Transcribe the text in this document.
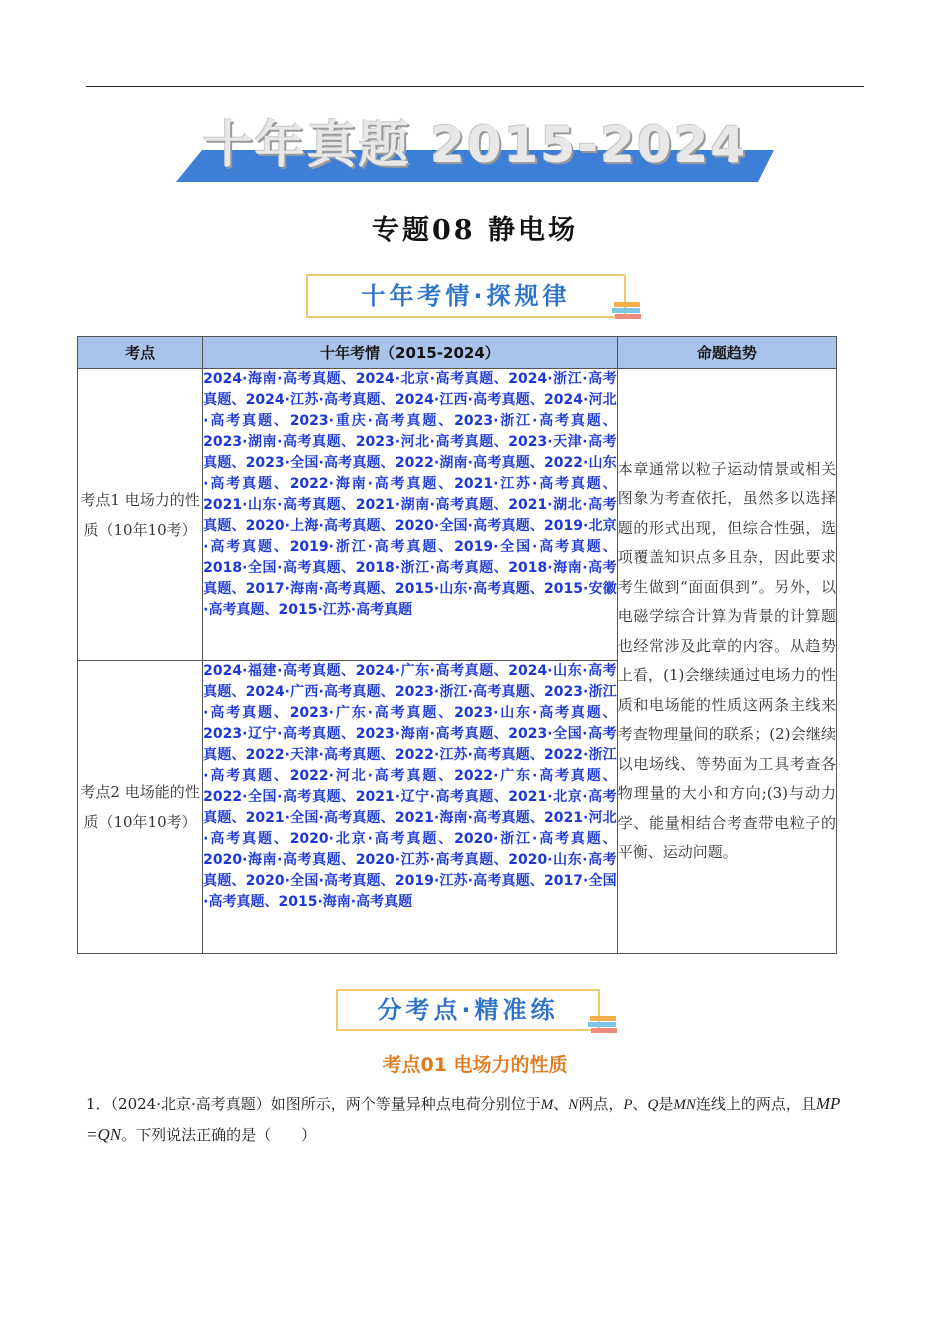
十年真题 2015-2024
专题08 静电场
十年考情·探规律
考点	十年考情（2015-2024）	命题趋势
考点1 电场力的性质（10年10考）	2024·海南·高考真题、2024·北京·高考真题、2024·浙江·高考真题、2024·江苏·高考真题、2024·江西·高考真题、2024·河北·高考真题、2023·重庆·高考真题、2023·浙江·高考真题、2023·湖南·高考真题、2023·河北·高考真题、2023·天津·高考真题、2023·全国·高考真题、2022·湖南·高考真题、2022·山东·高考真题、2022·海南·高考真题、2021·江苏·高考真题、2021·山东·高考真题、2021·湖南·高考真题、2021·湖北·高考真题、2020·上海·高考真题、2020·全国·高考真题、2019·北京·高考真题、2019·浙江·高考真题、2019·全国·高考真题、2018·全国·高考真题、2018·浙江·高考真题、2018·海南·高考真题、2017·海南·高考真题、2015·山东·高考真题、2015·安徽·高考真题、2015·江苏·高考真题	本章通常以粒子运动情景或相关图象为考查依托，虽然多以选择题的形式出现，但综合性强，选项覆盖知识点多且杂，因此要求考生做到“面面俱到”。另外，以电磁学综合计算为背景的计算题也经常涉及此章的内容。从趋势上看，(1)会继续通过电场力的性质和电场能的性质这两条主线来考查物理量间的联系；(2)会继续以电场线、等势面为工具考查各物理量的大小和方向;(3)与动力学、能量相结合考查带电粒子的平衡、运动问题。
考点2 电场能的性质（10年10考）	2024·福建·高考真题、2024·广东·高考真题、2024·山东·高考真题、2024·广西·高考真题、2023·浙江·高考真题、2023·浙江·高考真题、2023·广东·高考真题、2023·山东·高考真题、2023·辽宁·高考真题、2023·海南·高考真题、2023·全国·高考真题、2022·天津·高考真题、2022·江苏·高考真题、2022·浙江·高考真题、2022·河北·高考真题、2022·广东·高考真题、2022·全国·高考真题、2021·辽宁·高考真题、2021·北京·高考真题、2021·全国·高考真题、2021·海南·高考真题、2021·河北·高考真题、2020·北京·高考真题、2020·浙江·高考真题、2020·海南·高考真题、2020·江苏·高考真题、2020·山东·高考真题、2020·全国·高考真题、2019·江苏·高考真题、2017·全国·高考真题、2015·海南·高考真题	
分考点·精准练
考点01 电场力的性质
1．（2024·北京·高考真题）如图所示，两个等量异种点电荷分别位于M、N两点，P、Q是MN连线上的两点，且MP =QN。下列说法正确的是（　　）
